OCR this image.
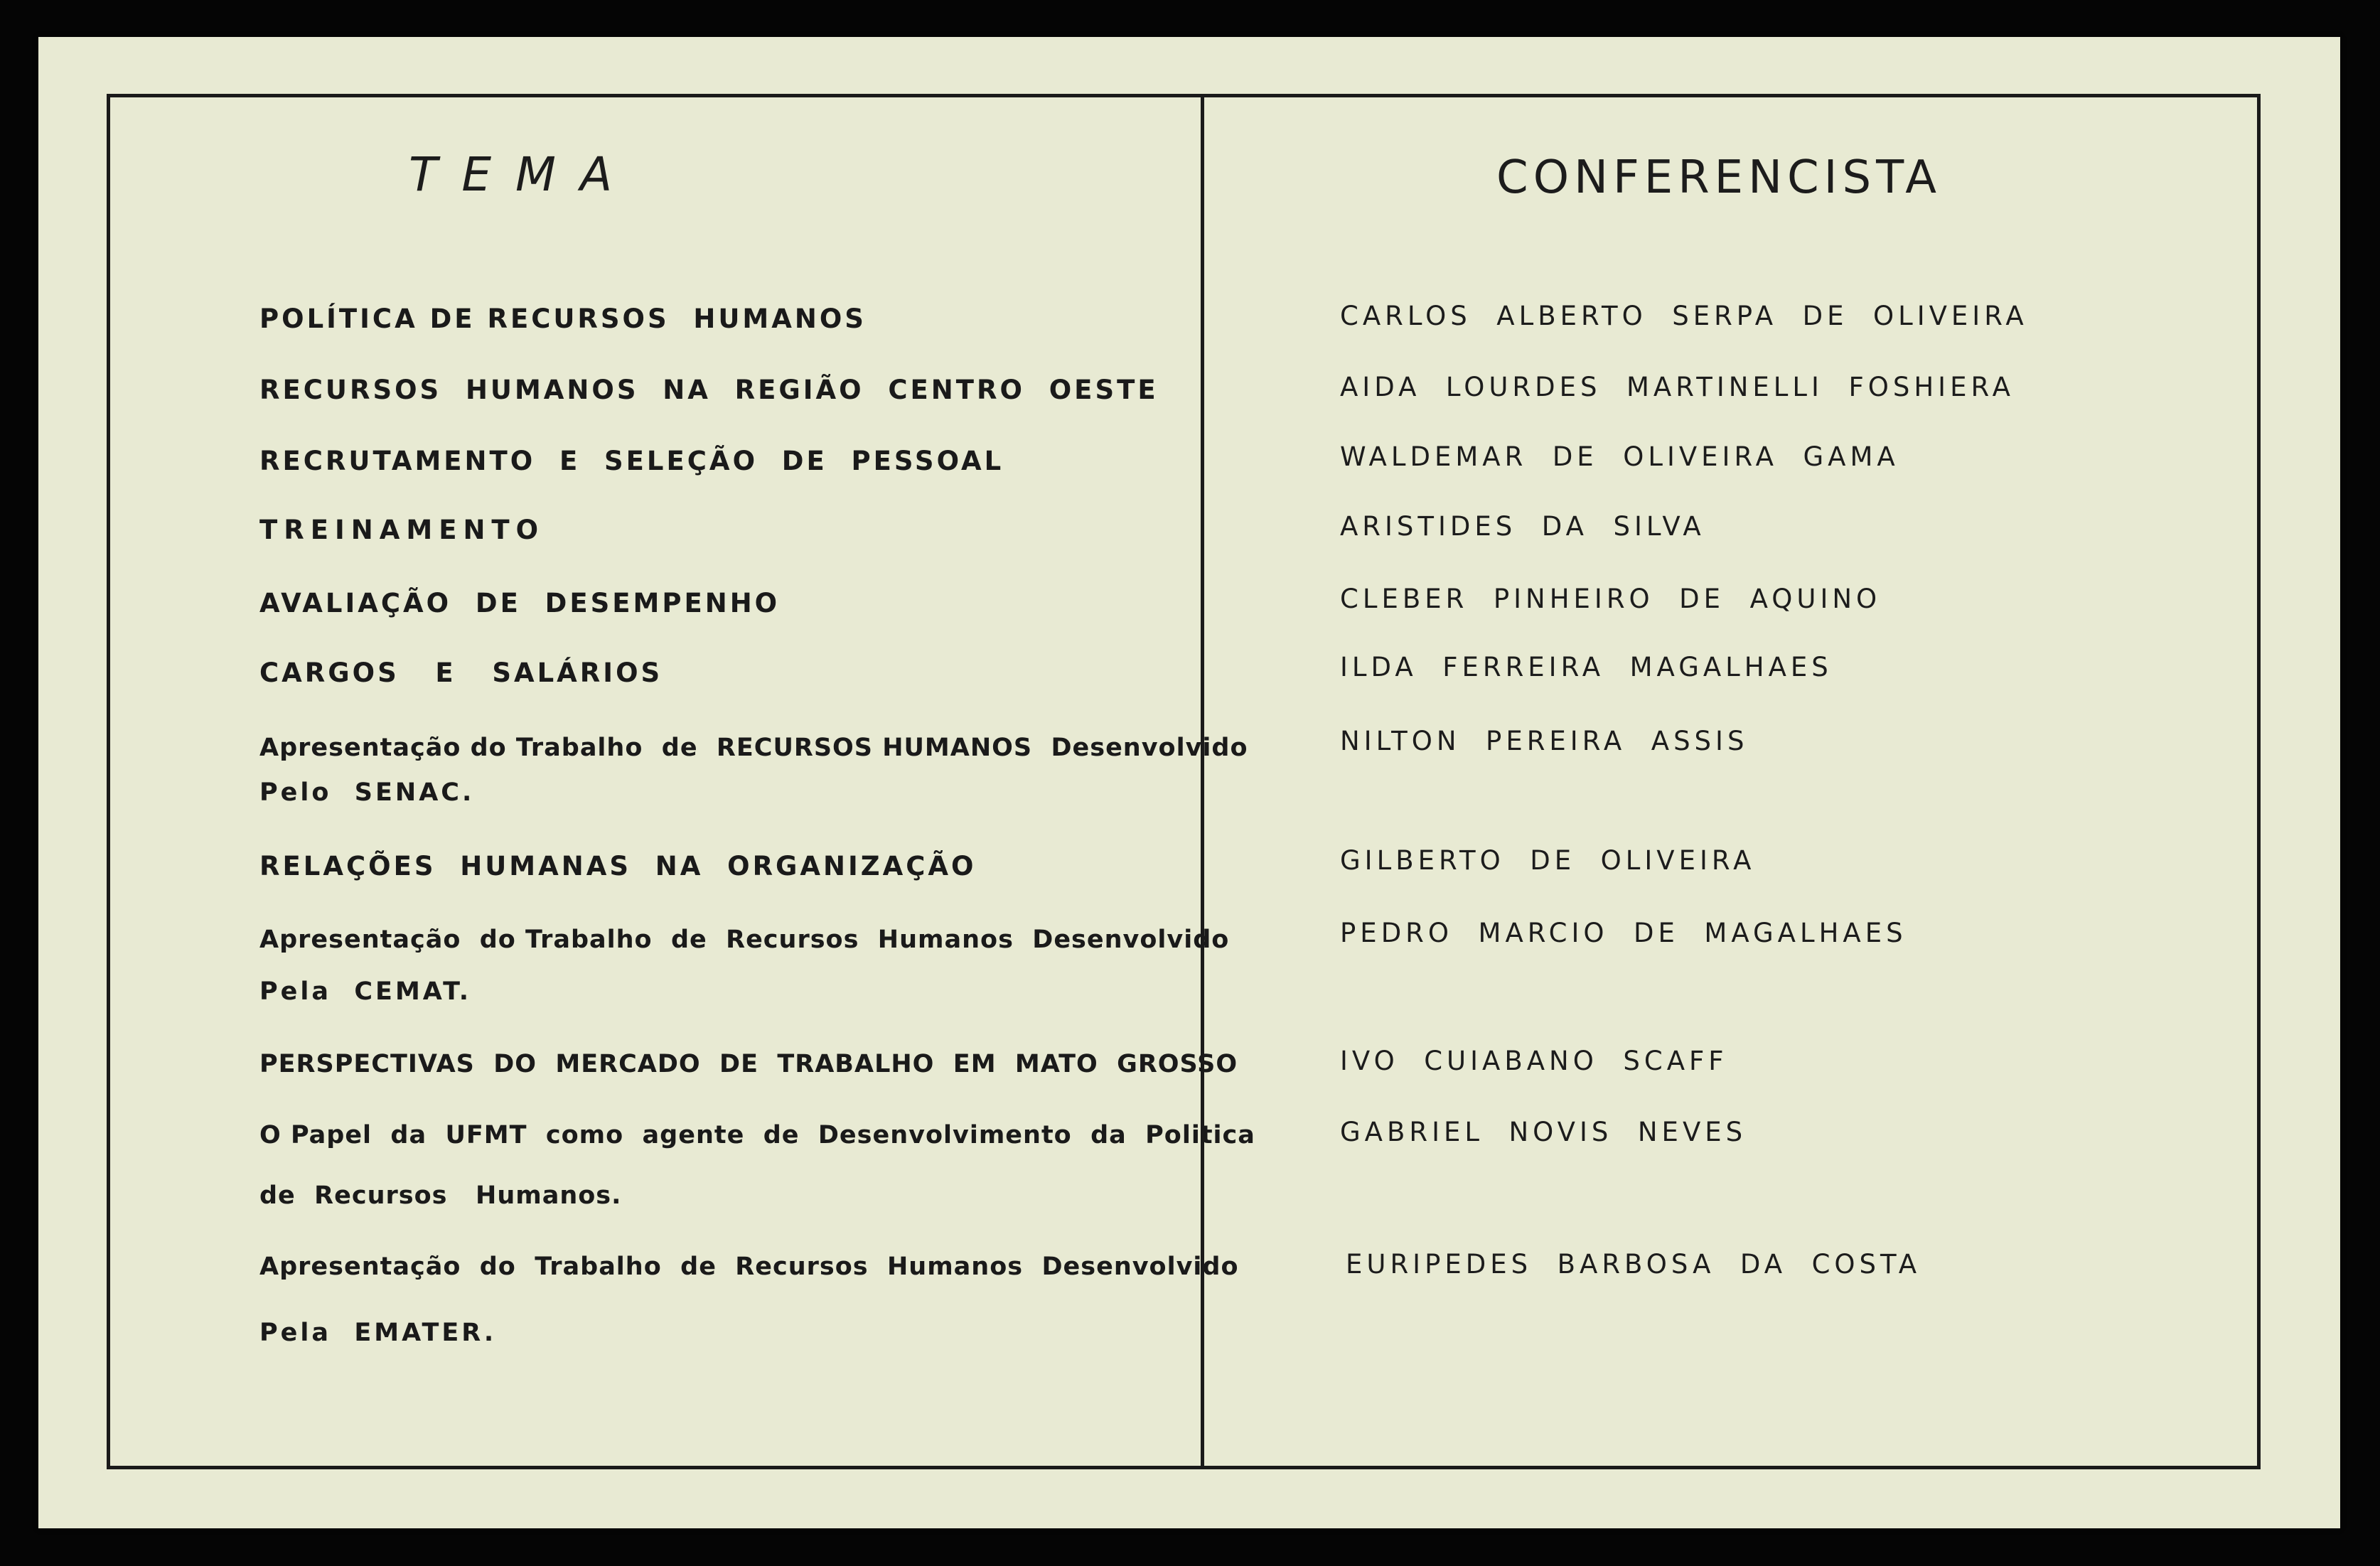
TEMA	CONFERENCISTA
POLÍTICA DE RECURSOS  HUMANOS
RECURSOS  HUMANOS  NA  REGIÃO  CENTRO  OESTE
RECRUTAMENTO  E  SELEÇÃO  DE  PESSOAL
TREINAMENTO
AVALIAÇÃO  DE  DESEMPENHO
CARGOS   E   SALÁRIOS
Apresentação do Trabalho  de  RECURSOS HUMANOS  Desenvolvido
Pelo  SENAC.
RELAÇÕES  HUMANAS  NA  ORGANIZAÇÃO
Apresentação  do Trabalho  de  Recursos  Humanos  Desenvolvido
Pela  CEMAT.
PERSPECTIVAS  DO  MERCADO  DE  TRABALHO  EM  MATO  GROSSO
O Papel  da  UFMT  como  agente  de  Desenvolvimento  da  Politica
de  Recursos   Humanos.
Apresentação  do  Trabalho  de  Recursos  Humanos  Desenvolvido
Pela  EMATER.
CARLOS  ALBERTO  SERPA  DE  OLIVEIRA
AIDA  LOURDES  MARTINELLI  FOSHIERA
WALDEMAR  DE  OLIVEIRA  GAMA
ARISTIDES  DA  SILVA
CLEBER  PINHEIRO  DE  AQUINO
ILDA  FERREIRA  MAGALHAES
NILTON  PEREIRA  ASSIS
GILBERTO  DE  OLIVEIRA
PEDRO  MARCIO  DE  MAGALHAES
IVO  CUIABANO  SCAFF
GABRIEL  NOVIS  NEVES
EURIPEDES  BARBOSA  DA  COSTA
